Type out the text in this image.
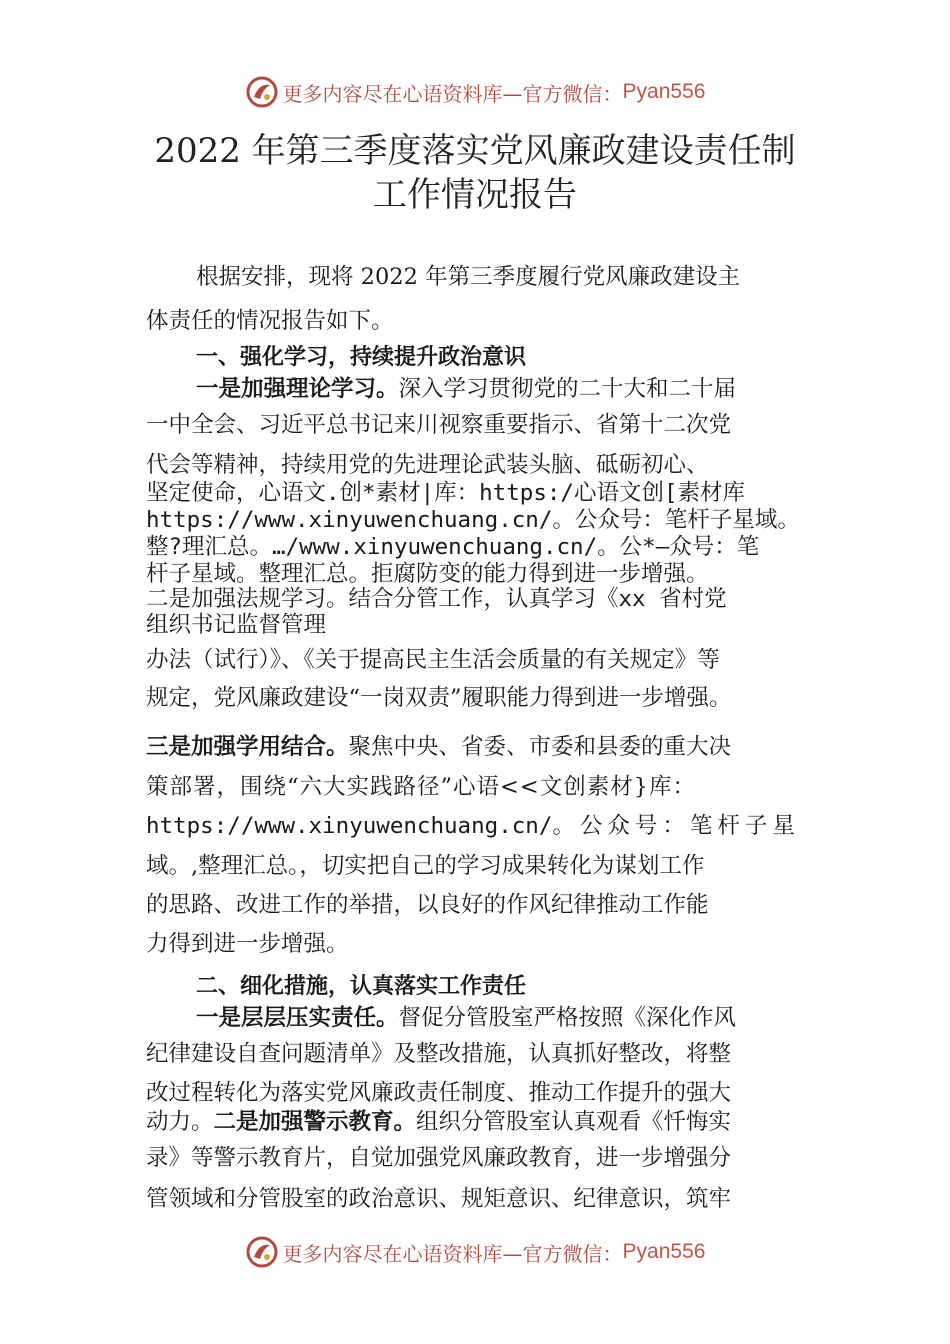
更多内容尽在心语资料库—官方微信： Pyan556
2022 年第三季度落实党风廉政建设责任制
工作情况报告
根据安排，现将 2022 年第三季度履行党风廉政建设主
体责任的情况报告如下。
一、强化学习，持续提升政治意识
一是加强理论学习。深入学习贯彻党的二十大和二十届
一中全会、习近平总书记来川视察重要指示、省第十二次党
代会等精神，持续用党的先进理论武装头脑、砥砺初心、
坚定使命，心语文.创*素材|库：https:/心语文创[素材库
https://www.xinyuwenchuang.cn/。公众号：笔杆子星域。
整?理汇总。…/www.xinyuwenchuang.cn/。公*—众号：笔
杆子星域。整理汇总。拒腐防变的能力得到进一步增强。
二是加强法规学习。结合分管工作，认真学习《xx 省村党
组织书记监督管理
办法（试行）》、《关于提高民主生活会质量的有关规定》等
规定，党风廉政建设“一岗双责”履职能力得到进一步增强。
三是加强学用结合。聚焦中央、省委、市委和县委的重大决
策部署，围绕“六大实践路径”心语<<文创素材}库：
https://www.xinyuwenchuang.cn/。公众号：笔杆子星
域。,整理汇总。，切实把自己的学习成果转化为谋划工作
的思路、改进工作的举措，以良好的作风纪律推动工作能
力得到进一步增强。
二、细化措施，认真落实工作责任
一是层层压实责任。督促分管股室严格按照《深化作风
纪律建设自查问题清单》及整改措施，认真抓好整改，将整
改过程转化为落实党风廉政责任制度、推动工作提升的强大
动力。二是加强警示教育。组织分管股室认真观看《忏悔实
录》等警示教育片，自觉加强党风廉政教育，进一步增强分
管领域和分管股室的政治意识、规矩意识、纪律意识，筑牢
更多内容尽在心语资料库—官方微信： Pyan556
